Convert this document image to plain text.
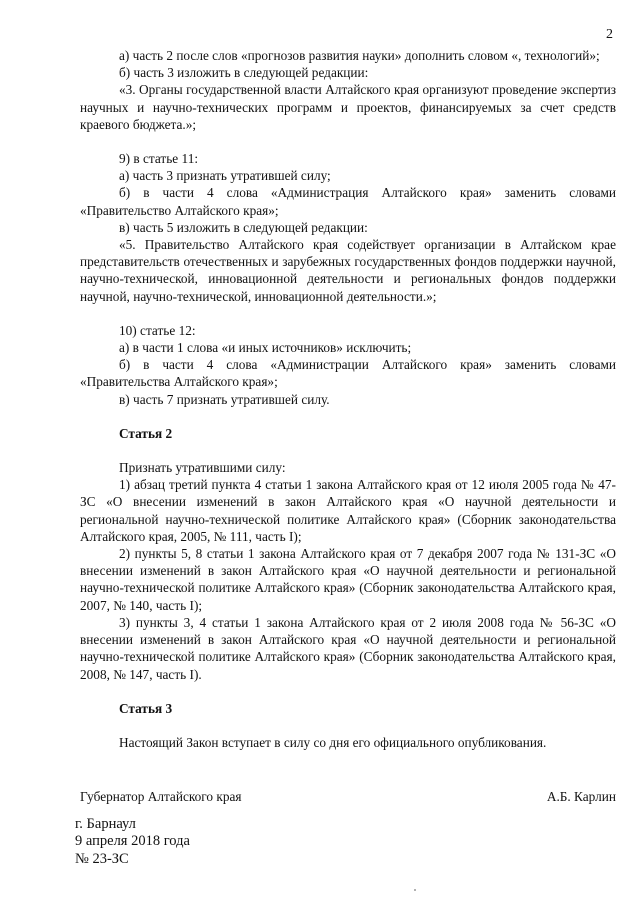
2

а) часть 2 после слов «прогнозов развития науки» дополнить словом «, технологий»;

б) часть 3 изложить в следующей редакции:

«3. Органы государственной власти Алтайского края организуют проведение экспертиз научных и научно-технических программ и проектов, финансируемых за счет средств краевого бюджета.»;

9) в статье 11:

а) часть 3 признать утратившей силу;

б) в части 4 слова «Администрация Алтайского края» заменить словами «Правительство Алтайского края»;

в) часть 5 изложить в следующей редакции:

«5. Правительство Алтайского края содействует организации в Алтайском крае представительств отечественных и зарубежных государственных фондов поддержки научной, научно-технической, инновационной деятельности и региональных фондов поддержки научной, научно-технической, инновационной деятельности.»;

10) статье 12:

а) в части 1 слова «и иных источников» исключить;

б) в части 4 слова «Администрации Алтайского края» заменить словами «Правительства Алтайского края»;

в) часть 7 признать утратившей силу.

Статья 2

Признать утратившими силу:

1) абзац третий пункта 4 статьи 1 закона Алтайского края от 12 июля 2005 года № 47-ЗС «О внесении изменений в закон Алтайского края «О научной деятельности и региональной научно-технической политике Алтайского края» (Сборник законодательства Алтайского края, 2005, № 111, часть I);

2) пункты 5, 8 статьи 1 закона Алтайского края от 7 декабря 2007 года № 131-ЗС «О внесении изменений в закон Алтайского края «О научной деятельности и региональной научно-технической политике Алтайского края» (Сборник законодательства Алтайского края, 2007, № 140, часть I);

3) пункты 3, 4 статьи 1 закона Алтайского края от 2 июля 2008 года № 56-ЗС «О внесении изменений в закон Алтайского края «О научной деятельности и региональной научно-технической политике Алтайского края» (Сборник законодательства Алтайского края, 2008, № 147, часть I).

Статья 3

Настоящий Закон вступает в силу со дня его официального опубликования.

Губернатор Алтайского края	А.Б. Карлин
г. Барнаул
9 апреля 2018 года
№ 23-ЗС
